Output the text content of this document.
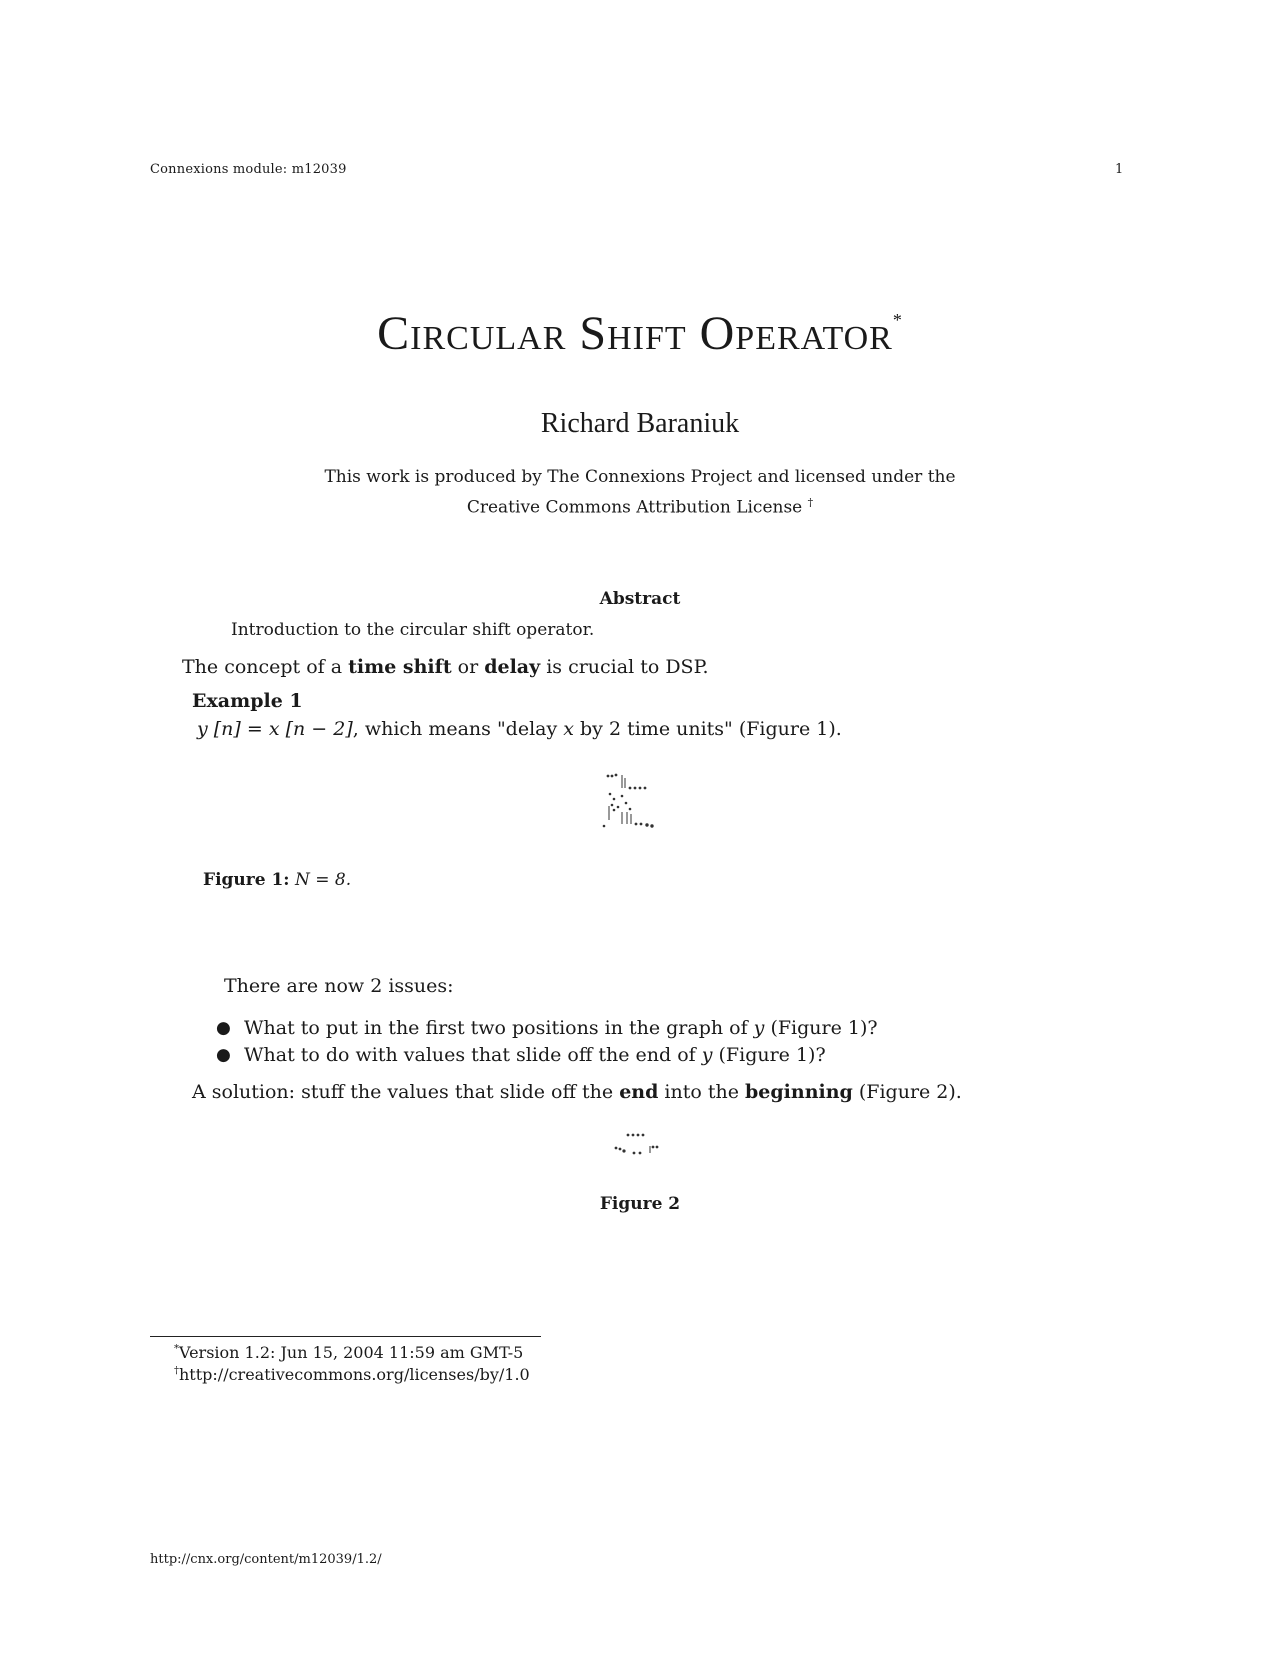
Connexions module: m12039	1
Circular Shift Operator*
Richard Baraniuk
This work is produced by The Connexions Project and licensed under the
Creative Commons Attribution License †
Abstract
Introduction to the circular shift operator.
The concept of a time shift or delay is crucial to DSP.
Example 1
y [n] = x [n − 2], which means "delay x by 2 time units" (Figure 1).
Figure 1: N = 8.
There are now 2 issues:
● What to put in the first two positions in the graph of y (Figure 1)?
● What to do with values that slide off the end of y (Figure 1)?
A solution: stuff the values that slide off the end into the beginning (Figure 2).
Figure 2
*Version 1.2: Jun 15, 2004 11:59 am GMT-5
†http://creativecommons.org/licenses/by/1.0
http://cnx.org/content/m12039/1.2/
